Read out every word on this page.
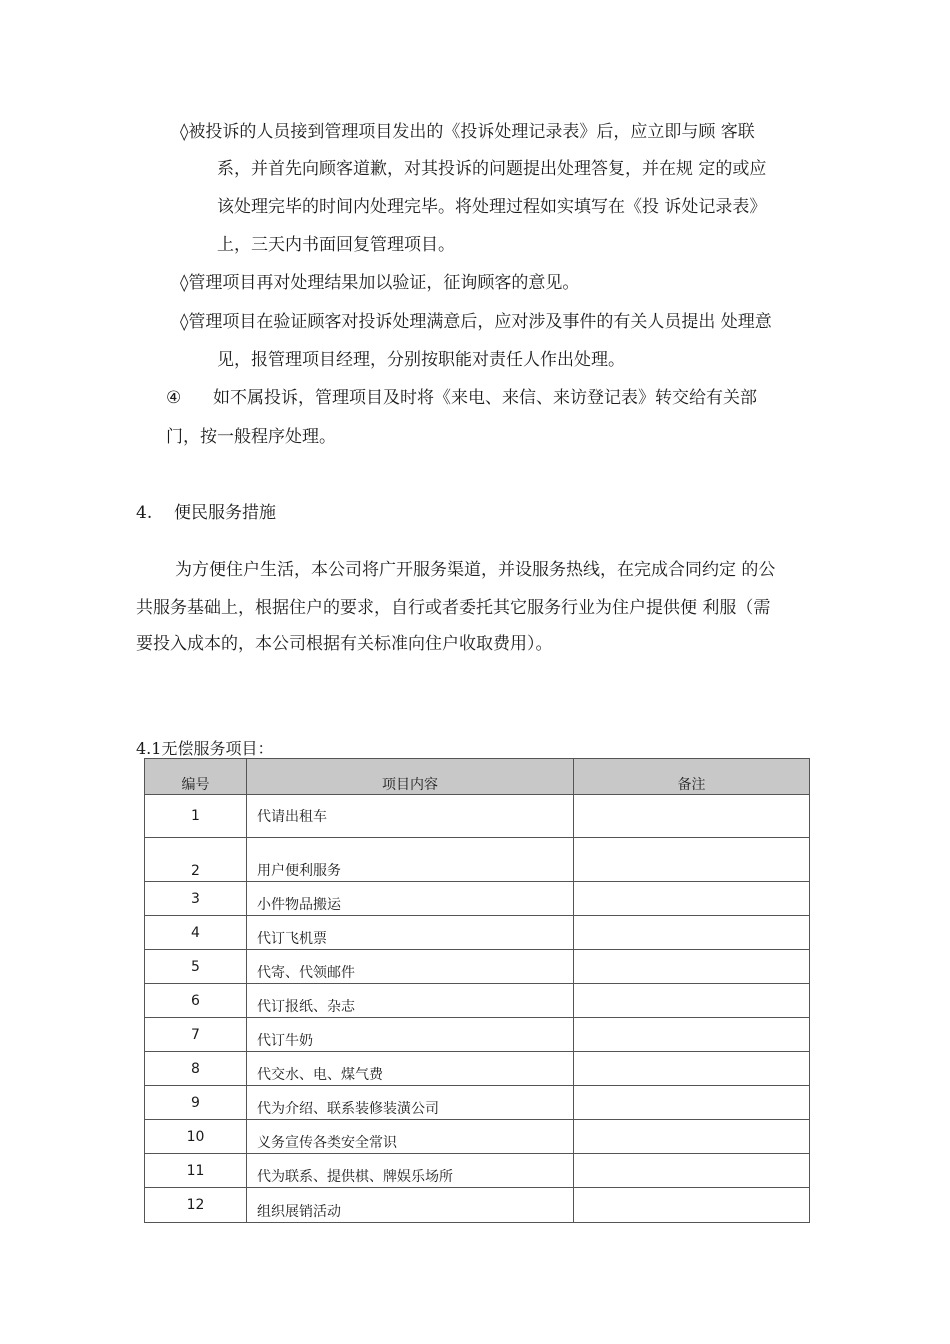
◊被投诉的人员接到管理项目发出的《投诉处理记录表》后，应立即与顾 客联
系，并首先向顾客道歉，对其投诉的问题提出处理答复，并在规 定的或应
该处理完毕的时间内处理完毕。将处理过程如实填写在《投 诉处记录表》
上，三天内书面回复管理项目。
◊管理项目再对处理结果加以验证，征询顾客的意见。
◊管理项目在验证顾客对投诉处理满意后，应对涉及事件的有关人员提出 处理意
见，报管理项目经理，分别按职能对责任人作出处理。
④ 如不属投诉，管理项目及时将《来电、来信、来访登记表》转交给有关部
门，按一般程序处理。
4. 便民服务措施
为方便住户生活，本公司将广开服务渠道，并设服务热线，在完成合同约定 的公
共服务基础上，根据住户的要求，自行或者委托其它服务行业为住户提供便 利服（需
要投入成本的，本公司根据有关标准向住户收取费用）。
4.1无偿服务项目：
编号	项目内容	备注
1	代请出租车	
2	用户便利服务	
3	小件物品搬运	
4	代订飞机票	
5	代寄、代领邮件	
6	代订报纸、杂志	
7	代订牛奶	
8	代交水、电、煤气费	
9	代为介绍、联系装修装潢公司	
10	义务宣传各类安全常识	
11	代为联系、提供棋、牌娱乐场所	
12	组织展销活动	
